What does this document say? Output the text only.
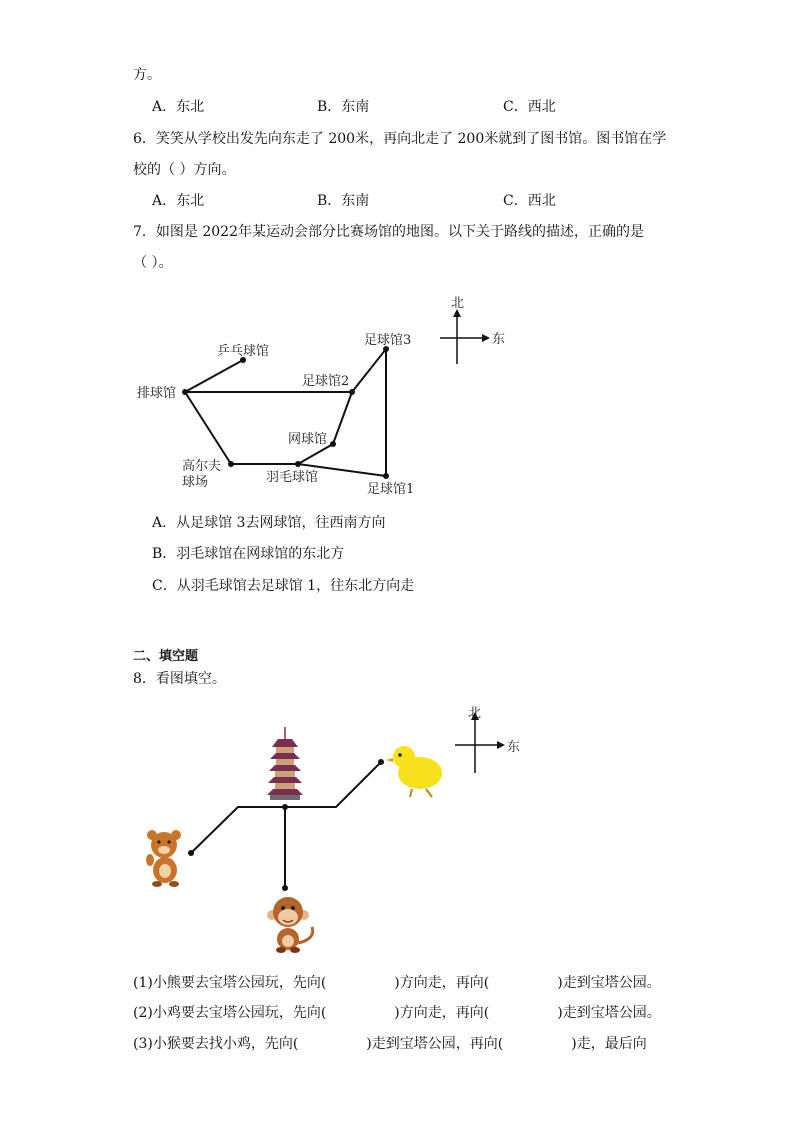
方。
A．东北	B．东南	C．西北
6．笑笑从学校出发先向东走了 200米，再向北走了 200米就到了图书馆。图书馆在学
校的（ ）方向。
A．东北	B．东南	C．西北
7．如图是 2022年某运动会部分比赛场馆的地图。以下关于路线的描述，正确的是
（ ）。
北
东
乒乓球馆
排球馆
足球馆3
足球馆2
网球馆
高尔夫
球场	羽毛球馆
足球馆1
A．从足球馆 3去网球馆，往西南方向
B．羽毛球馆在网球馆的东北方
C．从羽毛球馆去足球馆 1，往东北方向走
二、填空题
8．看图填空。
北
东
(1)小熊要去宝塔公园玩，先向(	)方向走，再向(	)走到宝塔公园。
(2)小鸡要去宝塔公园玩，先向(	)方向走，再向(	)走到宝塔公园。
(3)小猴要去找小鸡，先向(	)走到宝塔公园，再向(	)走，最后向
